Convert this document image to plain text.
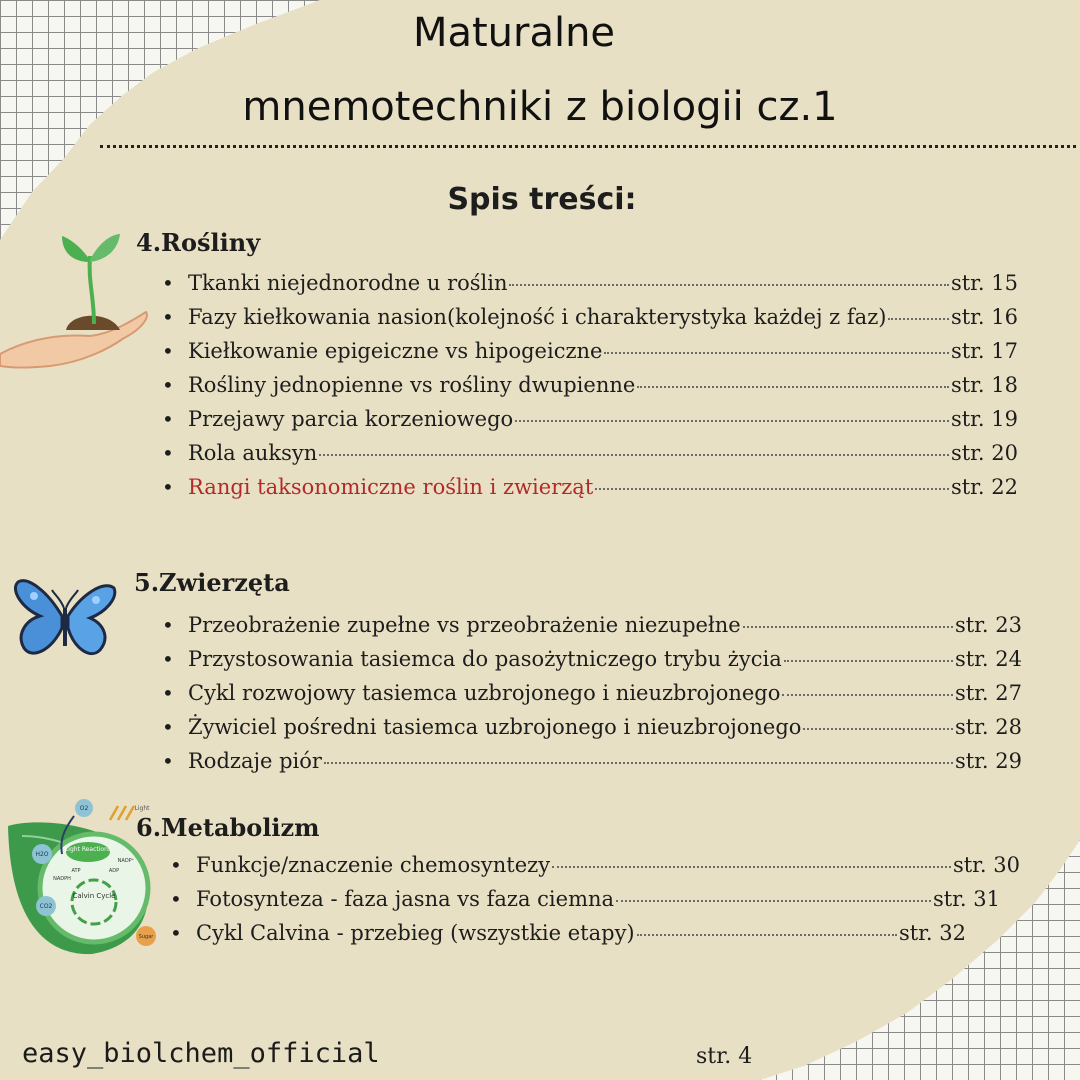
Maturalne
mnemotechniki z biologii cz.1
Spis treści:
4.Rośliny
• Tkanki niejednorodne u roślin	str. 15
• Fazy kiełkowania nasion(kolejność i charakterystyka każdej z faz)	str. 16
• Kiełkowanie epigeiczne vs hipogeiczne	str. 17
• Rośliny jednopienne vs rośliny dwupienne	str. 18
• Przejawy parcia korzeniowego	str. 19
• Rola auksyn	str. 20
• Rangi taksonomiczne roślin i zwierząt	str. 22
5.Zwierzęta
• Przeobrażenie zupełne vs przeobrażenie niezupełne	str. 23
• Przystosowania tasiemca do pasożytniczego trybu życia	str. 24
• Cykl rozwojowy tasiemca uzbrojonego i nieuzbrojonego	str. 27
• Żywiciel pośredni tasiemca uzbrojonego i nieuzbrojonego	str. 28
• Rodzaje piór	str. 29
Light Reactions
Calvin Cycle
ATP
NADPH
ADP
NADP⁺
O2
H2O
CO2
Light
Sugar
6.Metabolizm
• Funkcje/znaczenie chemosyntezy	str. 30
• Fotosynteza - faza jasna vs faza ciemna	str. 31
• Cykl Calvina - przebieg (wszystkie etapy)	str. 32
easy_biolchem_official	str. 4
